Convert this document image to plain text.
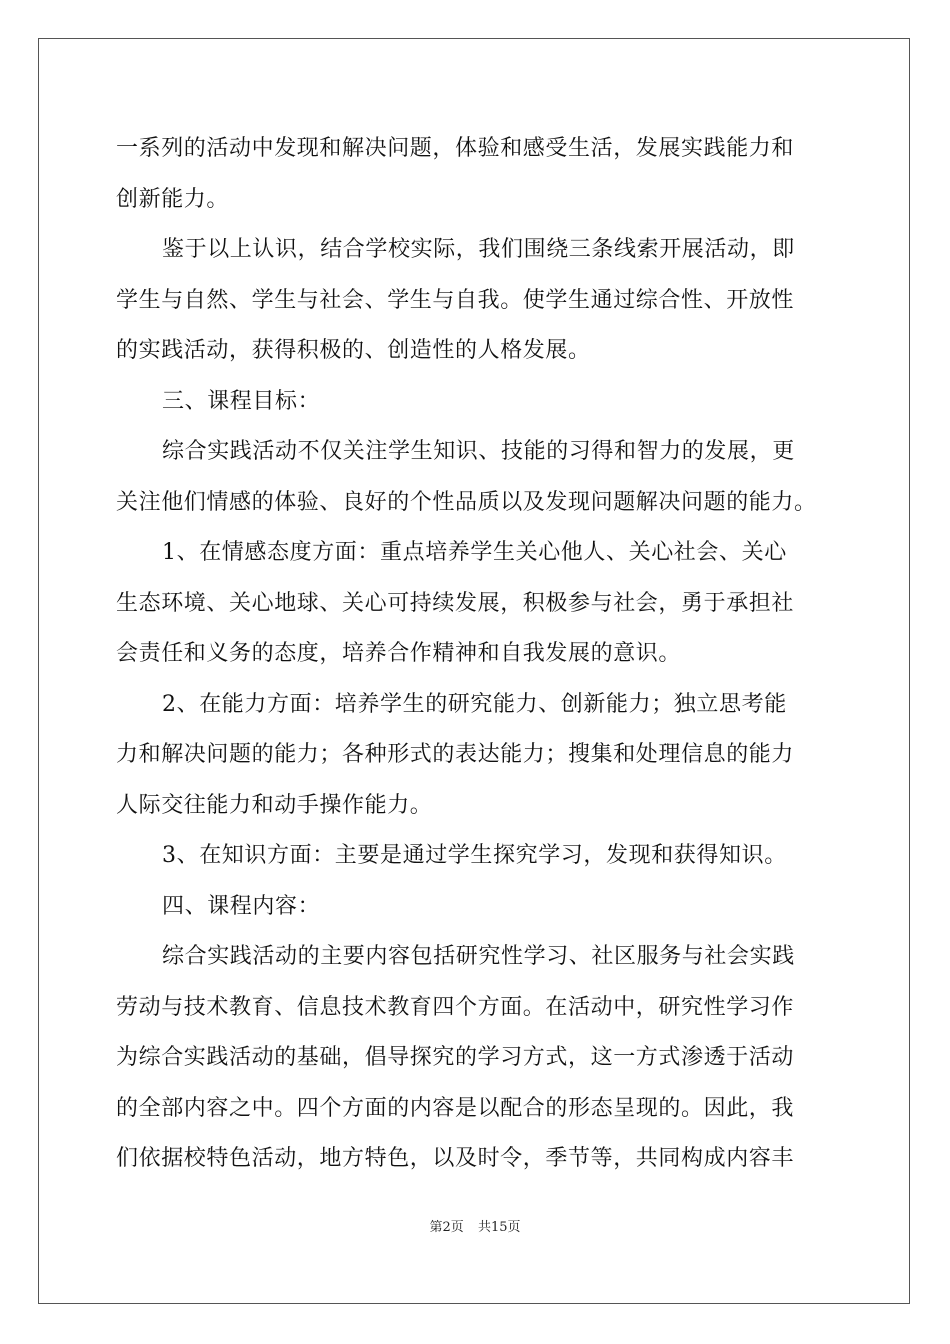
一系列的活动中发现和解决问题，体验和感受生活，发展实践能力和
创新能力。
鉴于以上认识，结合学校实际，我们围绕三条线索开展活动，即
学生与自然、学生与社会、学生与自我。使学生通过综合性、开放性
的实践活动，获得积极的、创造性的人格发展。
三、课程目标：
综合实践活动不仅关注学生知识、技能的习得和智力的发展，更
关注他们情感的体验、良好的个性品质以及发现问题解决问题的能力。
1、在情感态度方面：重点培养学生关心他人、关心社会、关心
生态环境、关心地球、关心可持续发展，积极参与社会，勇于承担社
会责任和义务的态度，培养合作精神和自我发展的意识。
2、在能力方面：培养学生的研究能力、创新能力；独立思考能
力和解决问题的能力；各种形式的表达能力；搜集和处理信息的能力
人际交往能力和动手操作能力。
3、在知识方面：主要是通过学生探究学习，发现和获得知识。
四、课程内容：
综合实践活动的主要内容包括研究性学习、社区服务与社会实践
劳动与技术教育、信息技术教育四个方面。在活动中，研究性学习作
为综合实践活动的基础，倡导探究的学习方式，这一方式渗透于活动
的全部内容之中。四个方面的内容是以配合的形态呈现的。因此，我
们依据校特色活动，地方特色，以及时令，季节等，共同构成内容丰
第2页 共15页
